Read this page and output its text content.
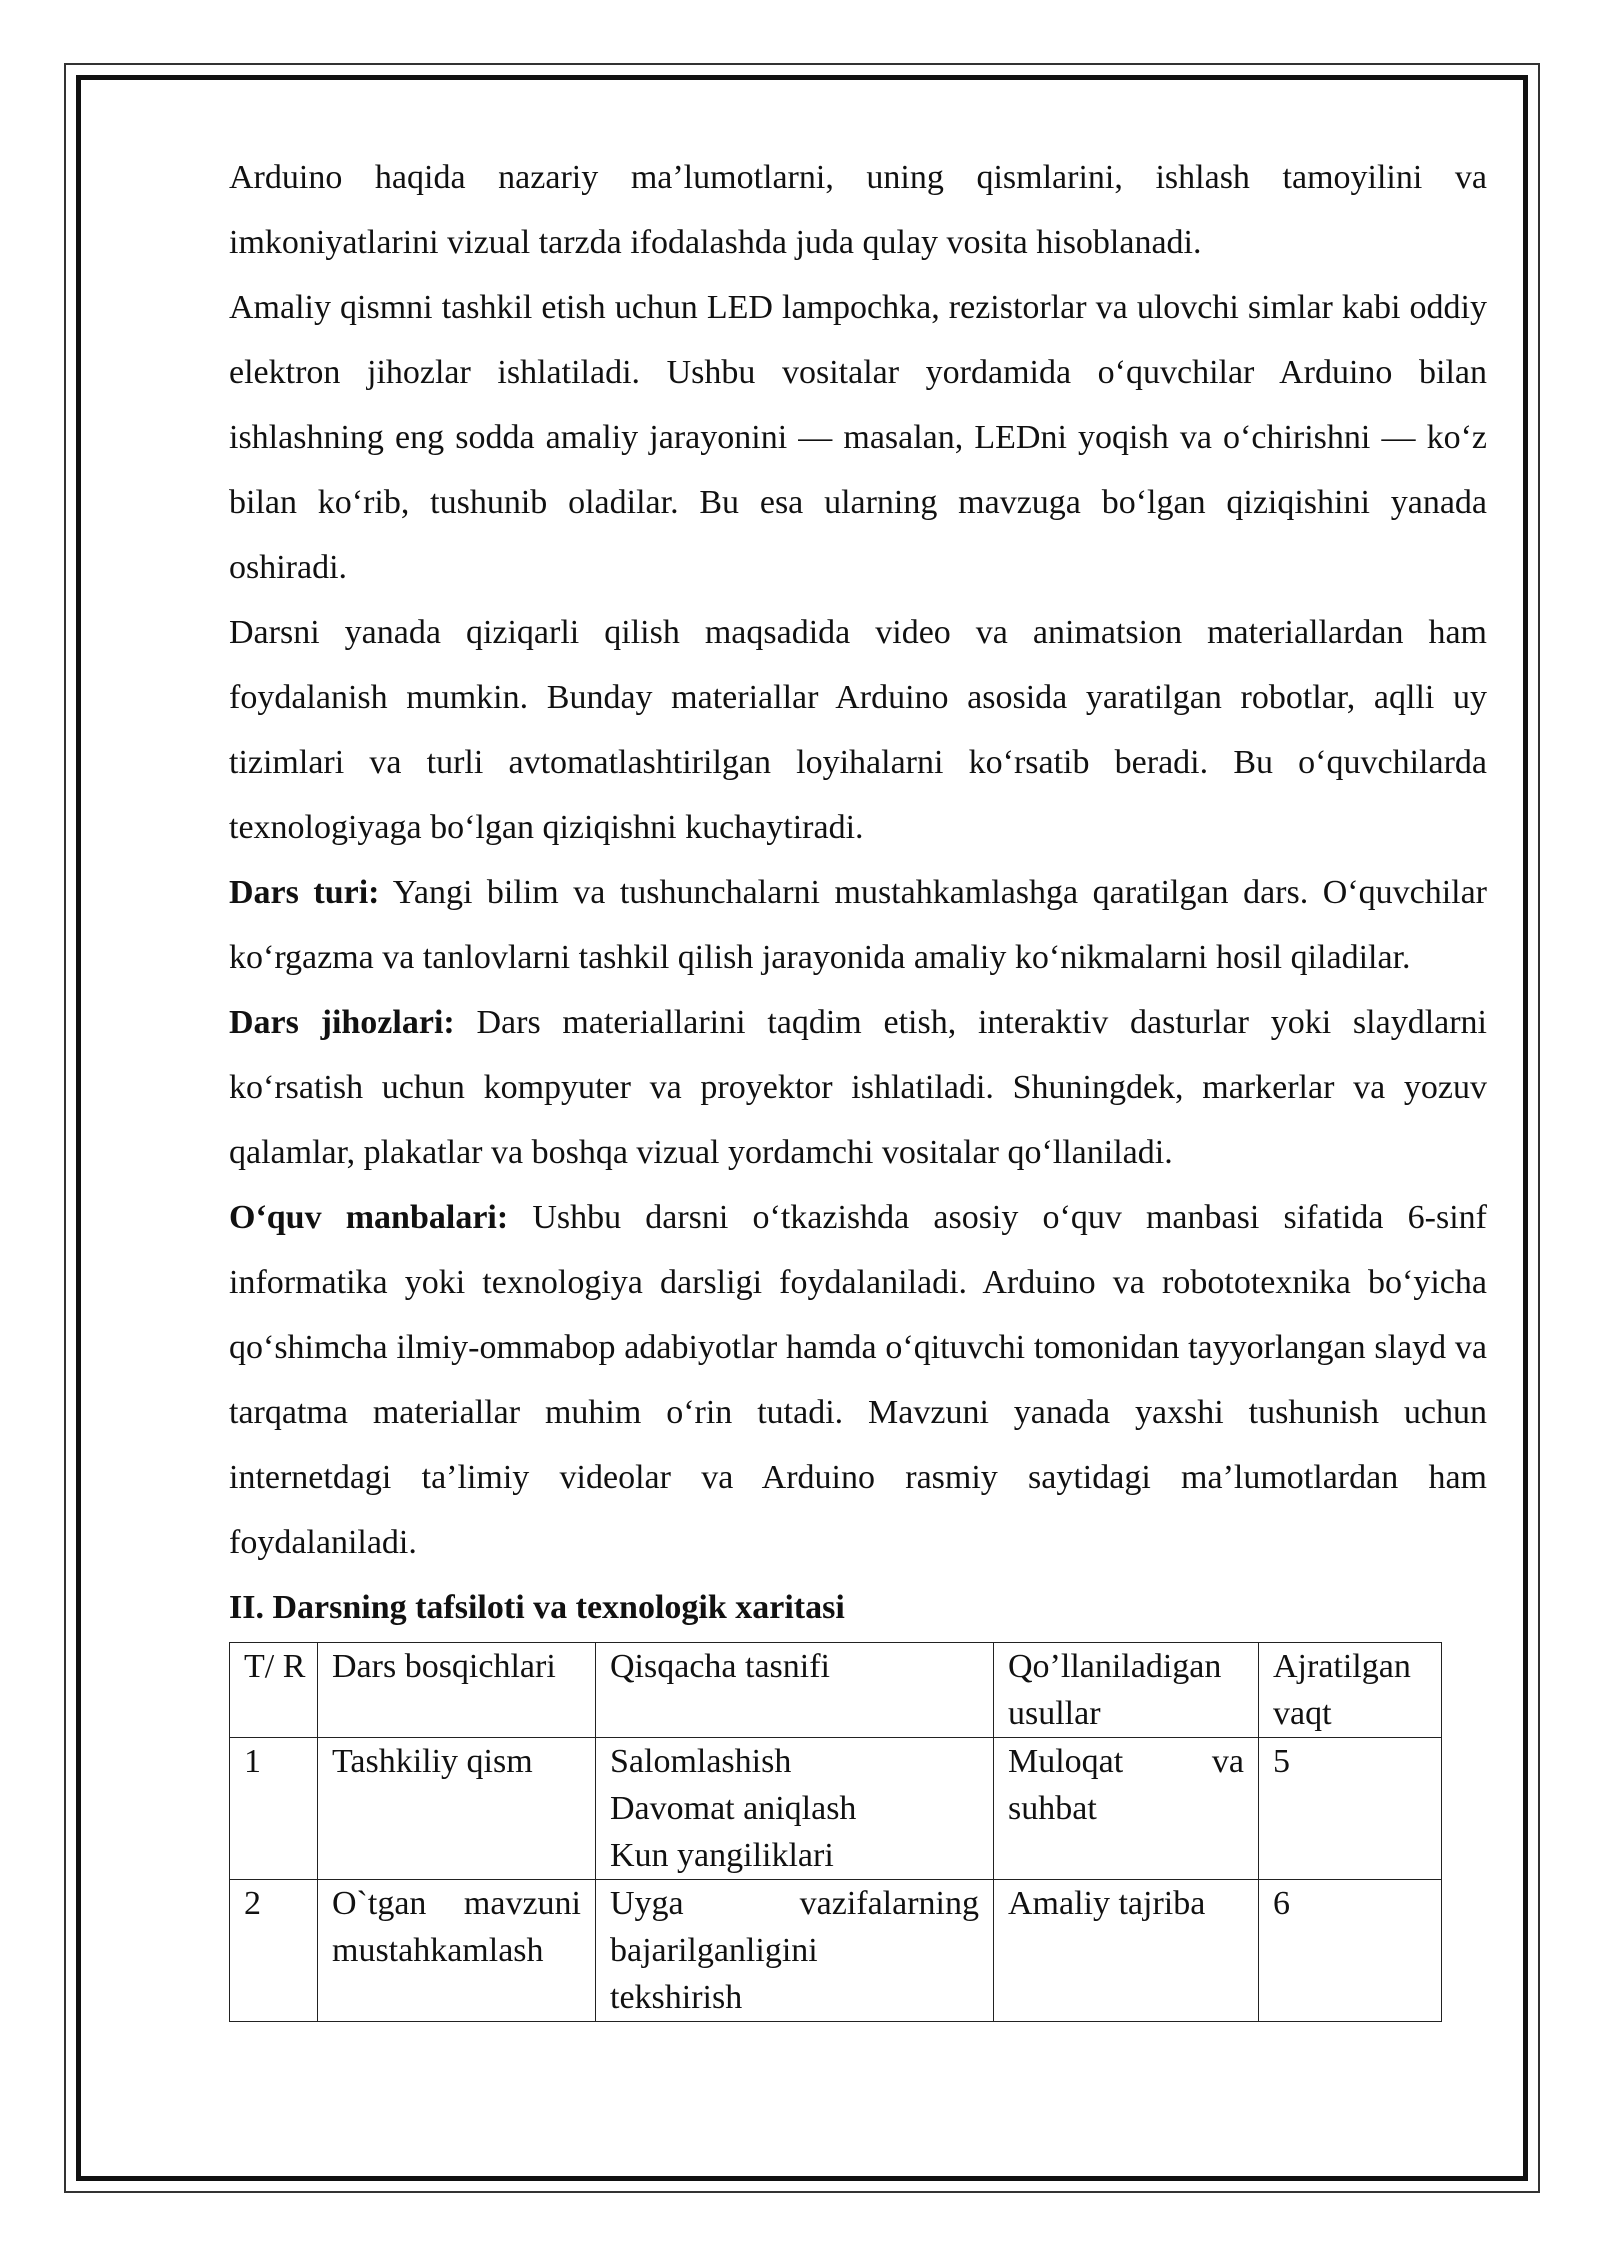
Arduino haqida nazariy ma’lumotlarni, uning qismlarini, ishlash tamoyilini va imkoniyatlarini vizual tarzda ifodalashda juda qulay vosita hisoblanadi.

Amaliy qismni tashkil etish uchun LED lampochka, rezistorlar va ulovchi simlar kabi oddiy elektron jihozlar ishlatiladi. Ushbu vositalar yordamida oʻquvchilar Arduino bilan ishlashning eng sodda amaliy jarayonini — masalan, LEDni yoqish va oʻchirishni — koʻz bilan koʻrib, tushunib oladilar. Bu esa ularning mavzuga boʻlgan qiziqishini yanada oshiradi.

Darsni yanada qiziqarli qilish maqsadida video va animatsion materiallardan ham foydalanish mumkin. Bunday materiallar Arduino asosida yaratilgan robotlar, aqlli uy tizimlari va turli avtomatlashtirilgan loyihalarni koʻrsatib beradi. Bu oʻquvchilarda texnologiyaga boʻlgan qiziqishni kuchaytiradi.

Dars turi: Yangi bilim va tushunchalarni mustahkamlashga qaratilgan dars. Oʻquvchilar koʻrgazma va tanlovlarni tashkil qilish jarayonida amaliy koʻnikmalarni hosil qiladilar.

Dars jihozlari: Dars materiallarini taqdim etish, interaktiv dasturlar yoki slaydlarni koʻrsatish uchun kompyuter va proyektor ishlatiladi. Shuningdek, markerlar va yozuv qalamlar, plakatlar va boshqa vizual yordamchi vositalar qoʻllaniladi.

Oʻquv manbalari: Ushbu darsni oʻtkazishda asosiy oʻquv manbasi sifatida 6-sinf informatika yoki texnologiya darsligi foydalaniladi. Arduino va robototexnika boʻyicha qoʻshimcha ilmiy-ommabop adabiyotlar hamda oʻqituvchi tomonidan tayyorlangan slayd va tarqatma materiallar muhim oʻrin tutadi. Mavzuni yanada yaxshi tushunish uchun internetdagi ta’limiy videolar va Arduino rasmiy saytidagi ma’lumotlardan ham foydalaniladi.

II. Darsning tafsiloti va texnologik xaritasi

T/ R	Dars bosqichlari	Qisqacha tasnifi	Qo’llaniladigan usullar	Ajratilgan vaqt
1	Tashkiliy qism	Salomlashish
Davomat aniqlash
Kun yangiliklari	Muloqat va suhbat	5
2	O`tgan mavzuni mustahkamlash	Uyga vazifalarning
bajarilganligini
tekshirish	Amaliy tajriba	6
